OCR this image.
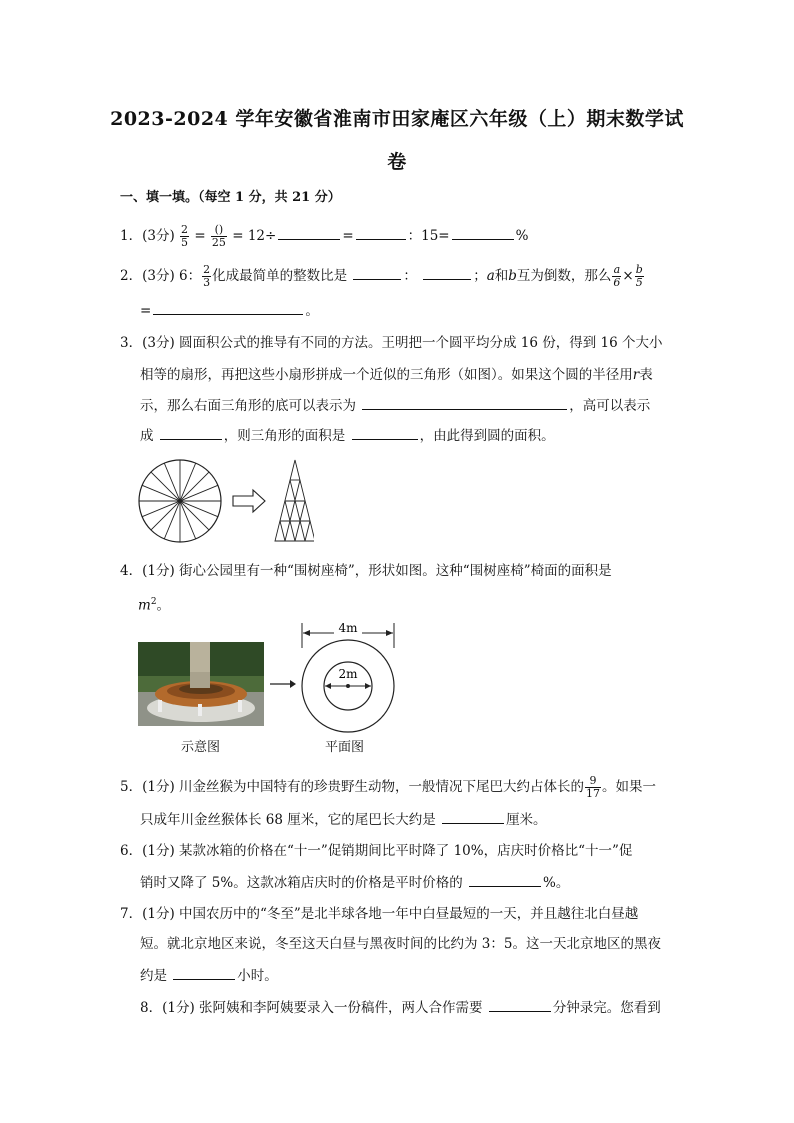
2023-2024 学年安徽省淮南市田家庵区六年级（上）期末数学试
卷
一、填一填。（每空 1 分，共 21 分）
1．(3分) $\frac{2}{5} = \frac{()}{25} = 12\div$	=	：15=	%
2．(3分) 6： $\frac{2}{3}$ 化成最简单的整数比是	：	；a和b互为倒数，那么 $\frac{a}{6} \times \frac{b}{5}$
=	。
3．(3分) 圆面积公式的推导有不同的方法。王明把一个圆平均分成 16 份，得到 16 个大小
相等的扇形，再把这些小扇形拼成一个近似的三角形（如图）。如果这个圆的半径用r表
示，那么右面三角形的底可以表示为	，高可以表示
成	，则三角形的面积是	，由此得到圆的面积。
4．(1分) 街心公园里有一种“围树座椅”，形状如图。这种“围树座椅”椅面的面积是
$m^2$。
4m
2m
示意图	平面图
5．(1分) 川金丝猴为中国特有的珍贵野生动物，一般情况下尾巴大约占体长的 $\frac{9}{17}$ 。如果一
只成年川金丝猴体长 68 厘米，它的尾巴长大约是	厘米。
6．(1分) 某款冰箱的价格在“十一”促销期间比平时降了 10%，店庆时价格比“十一”促
销时又降了 5%。这款冰箱店庆时的价格是平时价格的	%。
7．(1分) 中国农历中的“冬至”是北半球各地一年中白昼最短的一天，并且越往北白昼越
短。就北京地区来说，冬至这天白昼与黑夜时间的比约为 3：5。这一天北京地区的黑夜
约是	小时。
8．(1分) 张阿姨和李阿姨要录入一份稿件，两人合作需要	分钟录完。您看到
